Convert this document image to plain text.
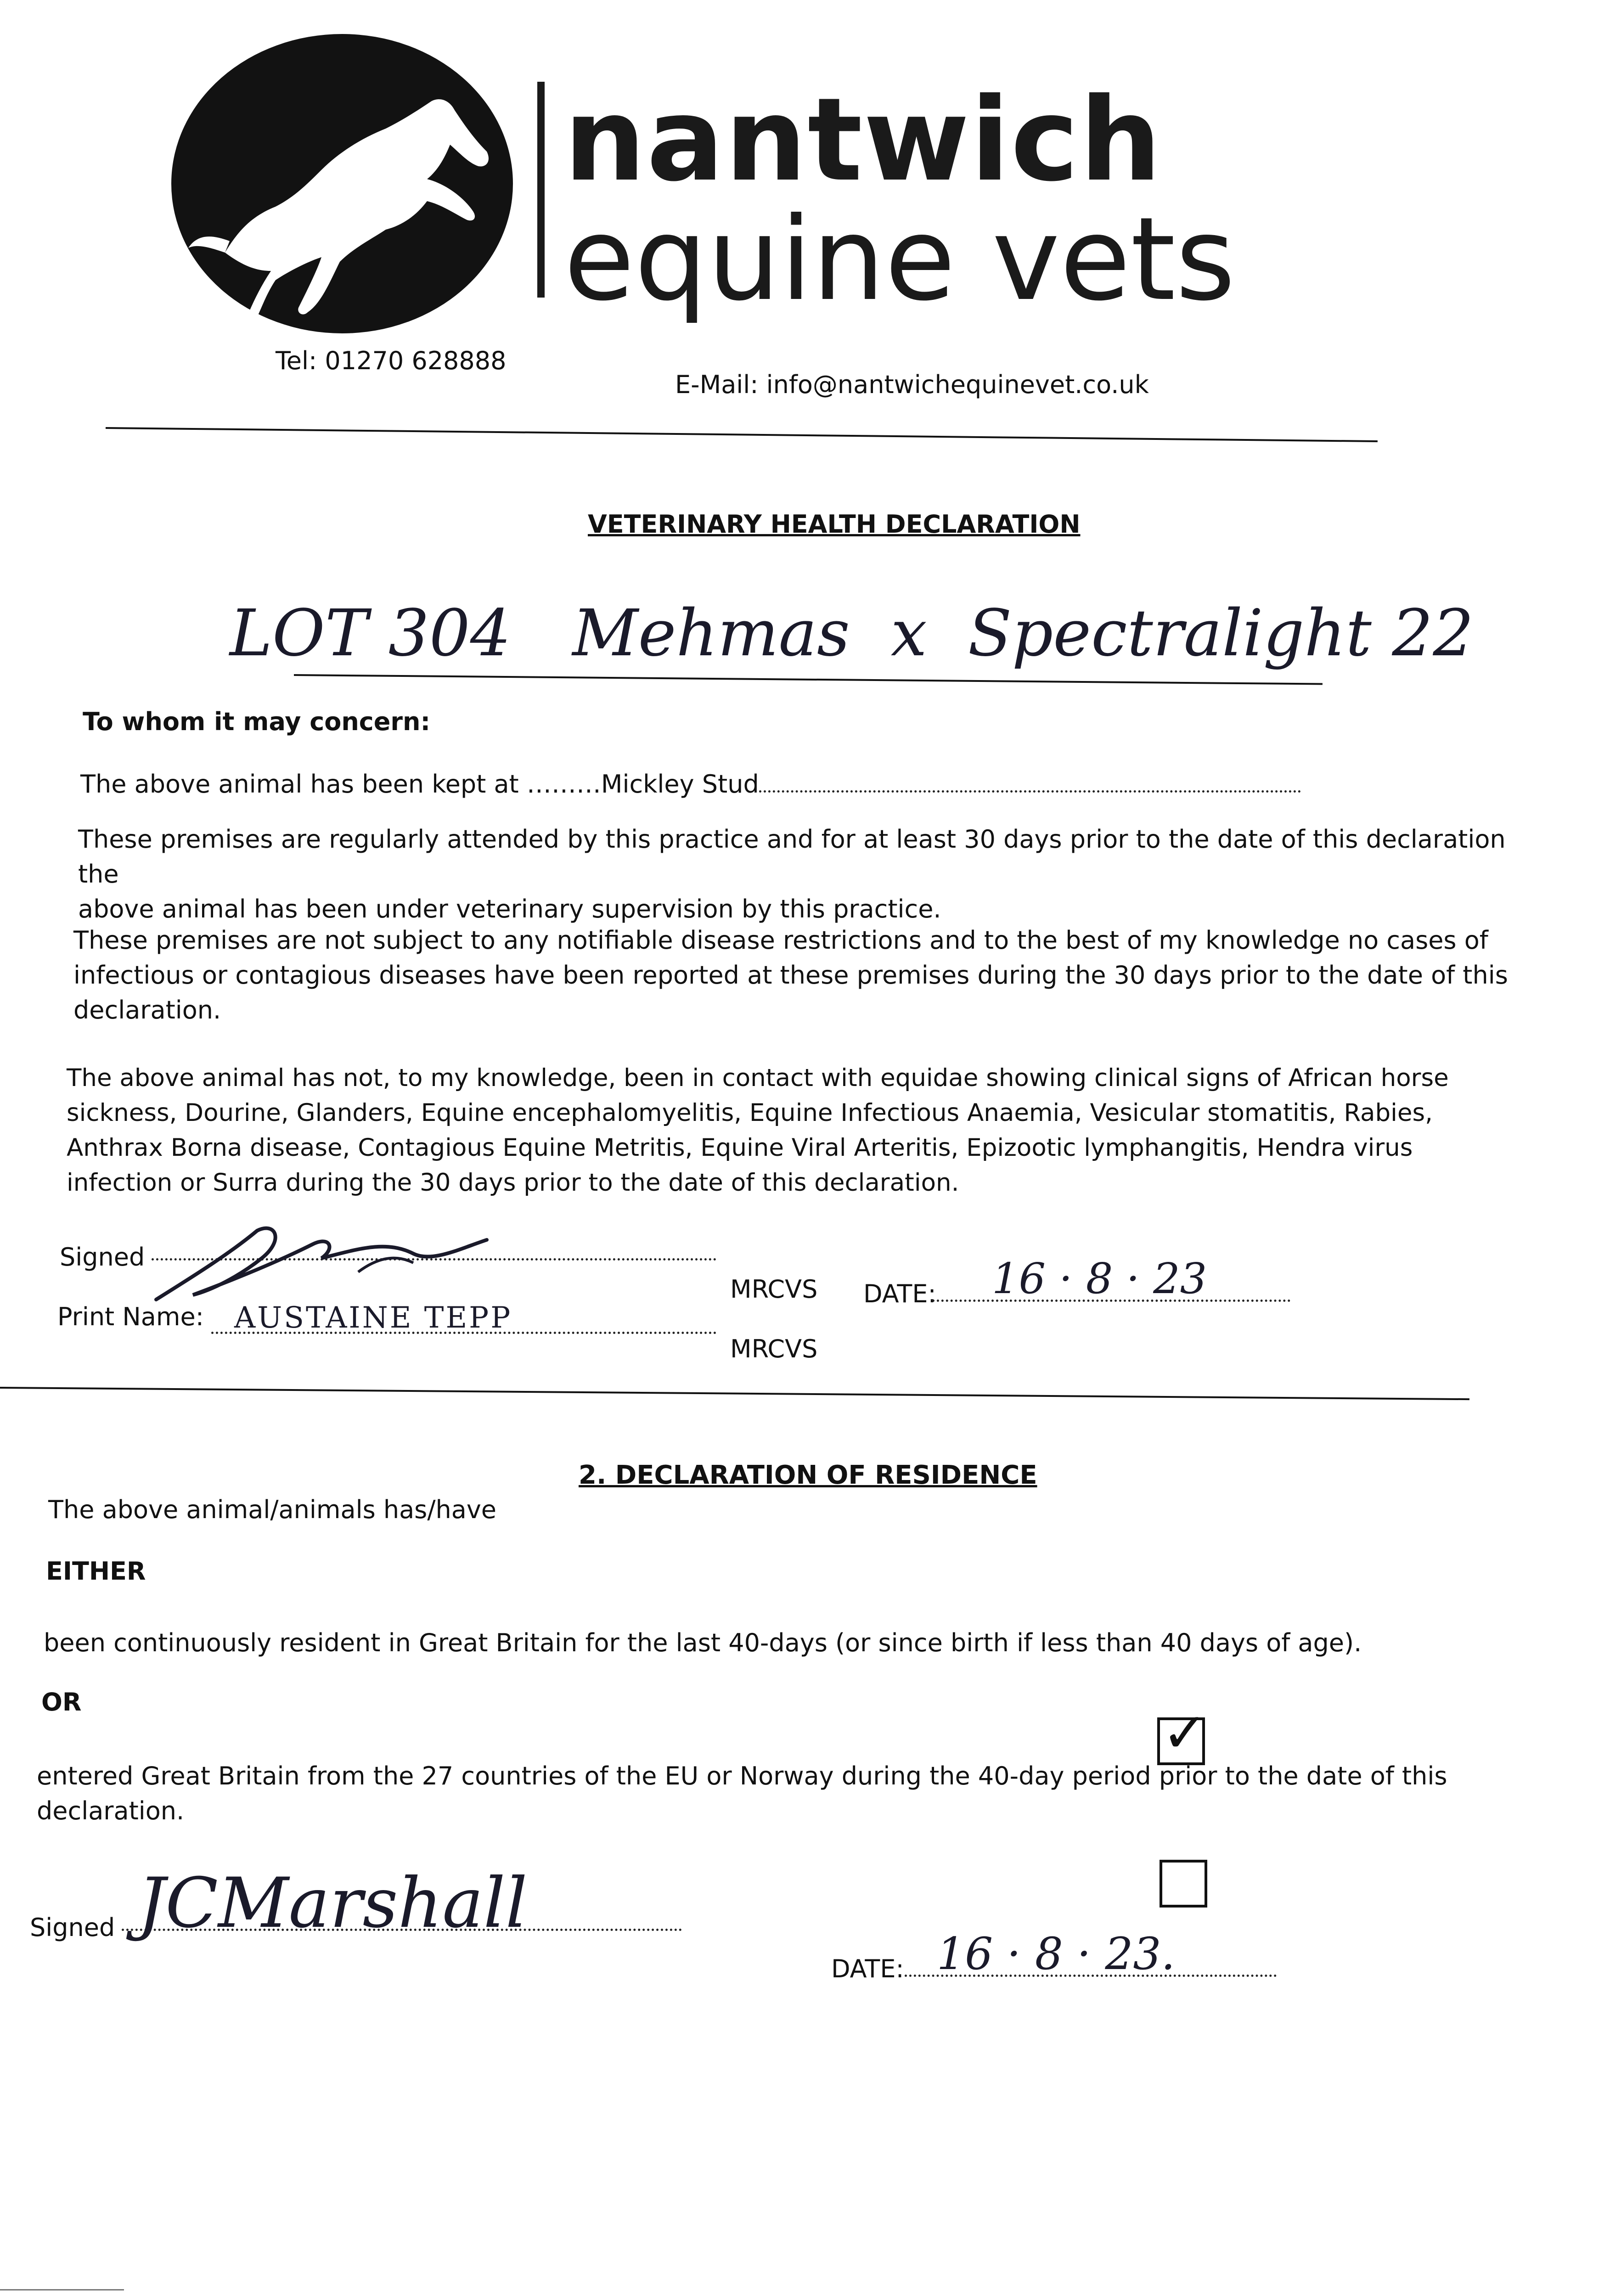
nantwich
equine vets
Tel: 01270 628888
E-Mail: info@nantwichequinevet.co.uk
VETERINARY HEALTH DECLARATION
LOT 304   Mehmas  x  Spectralight 22
To whom it may concern:
The above animal has been kept at ………Mickley Stud
These premises are regularly attended by this practice and for at least 30 days prior to the date of this declaration the
above animal has been under veterinary supervision by this practice.
These premises are not subject to any notifiable disease restrictions and to the best of my knowledge no cases of
infectious or contagious diseases have been reported at these premises during the 30 days prior to the date of this
declaration.
The above animal has not, to my knowledge, been in contact with equidae showing clinical signs of African horse
sickness, Dourine, Glanders, Equine encephalomyelitis, Equine Infectious Anaemia, Vesicular stomatitis, Rabies,
Anthrax Borna disease, Contagious Equine Metritis, Equine Viral Arteritis, Epizootic lymphangitis, Hendra virus
infection or Surra during the 30 days prior to the date of this declaration.
Signed
MRCVS DATE: 16 · 8 · 23
Print Name: AUSTAINE TEPP
MRCVS
2. DECLARATION OF RESIDENCE
The above animal/animals has/have
EITHER
been continuously resident in Great Britain for the last 40-days (or since birth if less than 40 days of age).
OR	✓
entered Great Britain from the 27 countries of the EU or Norway during the 40-day period prior to the date of this
declaration.
Signed JCMarshall
DATE: 16 · 8 · 23.
